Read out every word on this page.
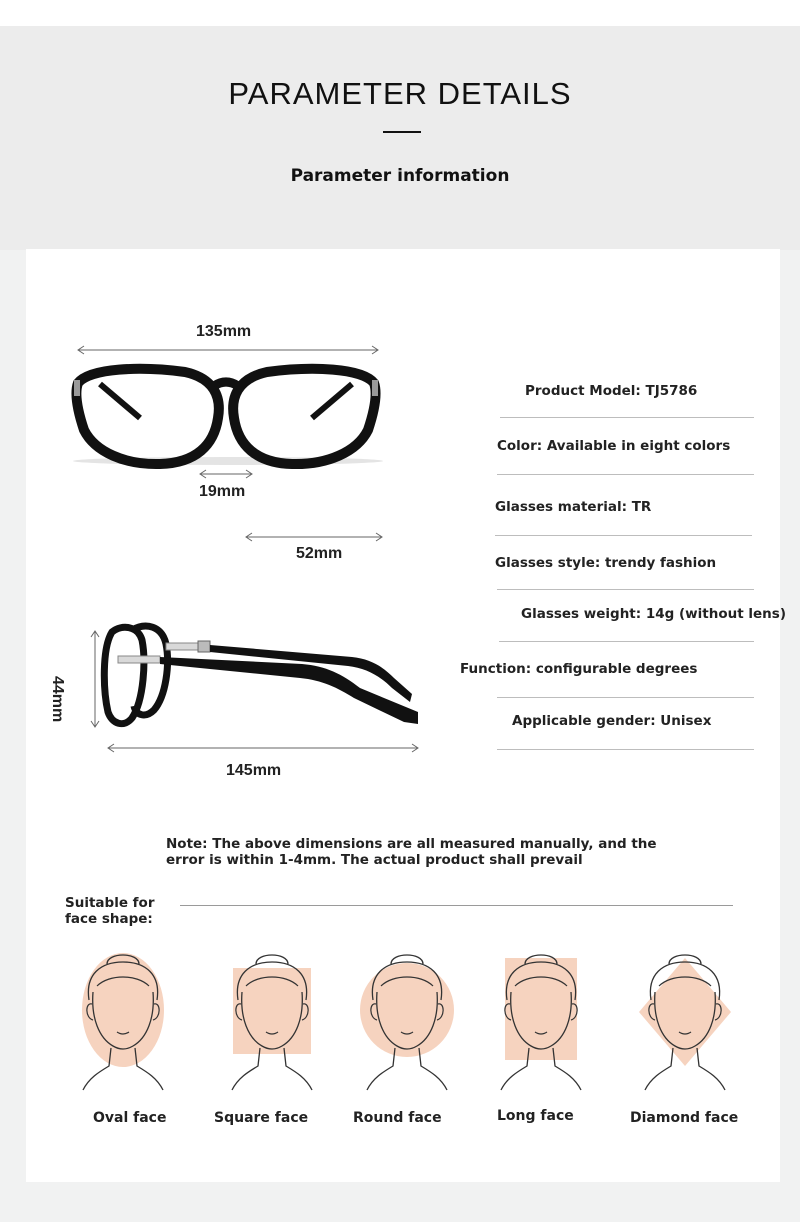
PARAMETER DETAILS
Parameter information
135mm
19mm
52mm
44mm
145mm
Product Model: TJ5786
Color: Available in eight colors
Glasses material: TR
Glasses style: trendy fashion
Glasses weight: 14g (without lens)
Function: configurable degrees
Applicable gender: Unisex
Note: The above dimensions are all measured manually, and the error is within 1-4mm. The actual product shall prevail
Suitable for face shape:
Oval face	Square face	Round face	Long face	Diamond face
